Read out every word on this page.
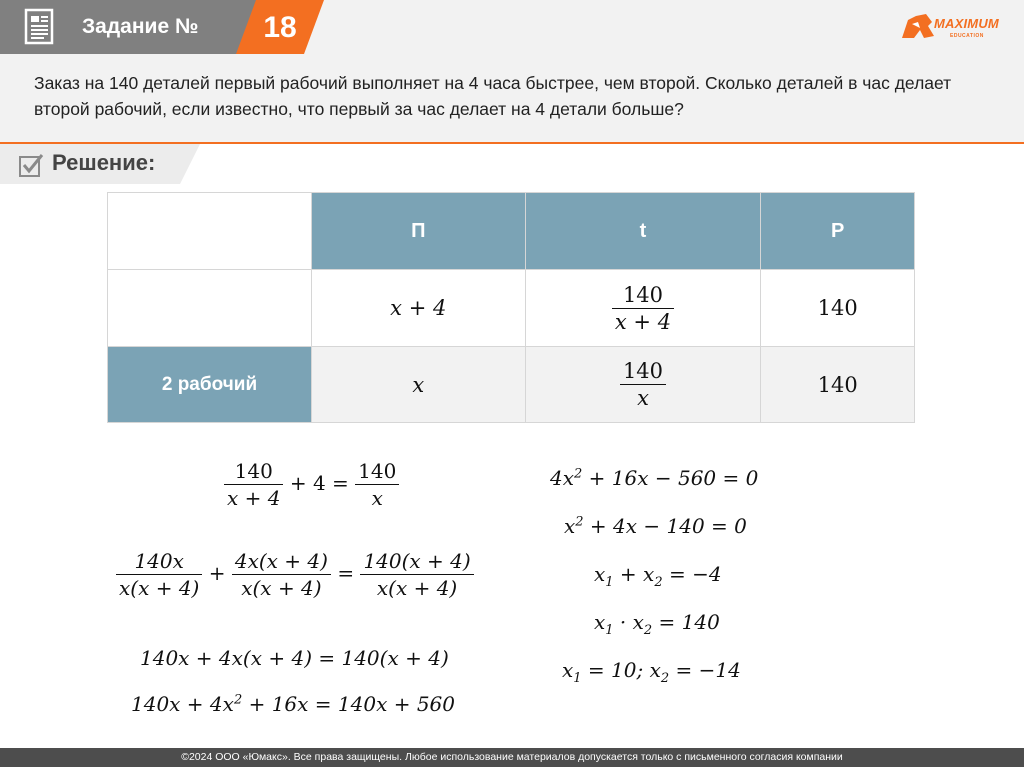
Задание №	18	MAXIMUM
EDUCATION
Заказ на 140 деталей первый рабочий выполняет на 4 часа быстрее, чем второй. Сколько деталей в час делает второй рабочий, если известно, что первый за час делает на 4 детали больше?
Решение:
	П	t	P
1 рабочий	x + 4	$\frac{140}{x + 4}$	140
2 рабочий	x	$\frac{140}{x}$	140
$\frac{140}{x + 4} + 4 = \frac{140}{x}$
$\frac{140x}{x(x + 4)} + \frac{4x(x + 4)}{x(x + 4)} = \frac{140(x + 4)}{x(x + 4)}$
140x + 4x(x + 4) = 140(x + 4)
$140x + 4x^2 + 16x = 140x + 560$
$4x^2 + 16x - 560 = 0$
$x^2 + 4x - 140 = 0$
$x_1 + x_2 = -4$
$x_1 \cdot x_2 = 140$
$x_1 = 10$; $x_2 = -14$
©2024 ООО «Юмакс». Все права защищены. Любое использование материалов допускается только с письменного согласия компании
